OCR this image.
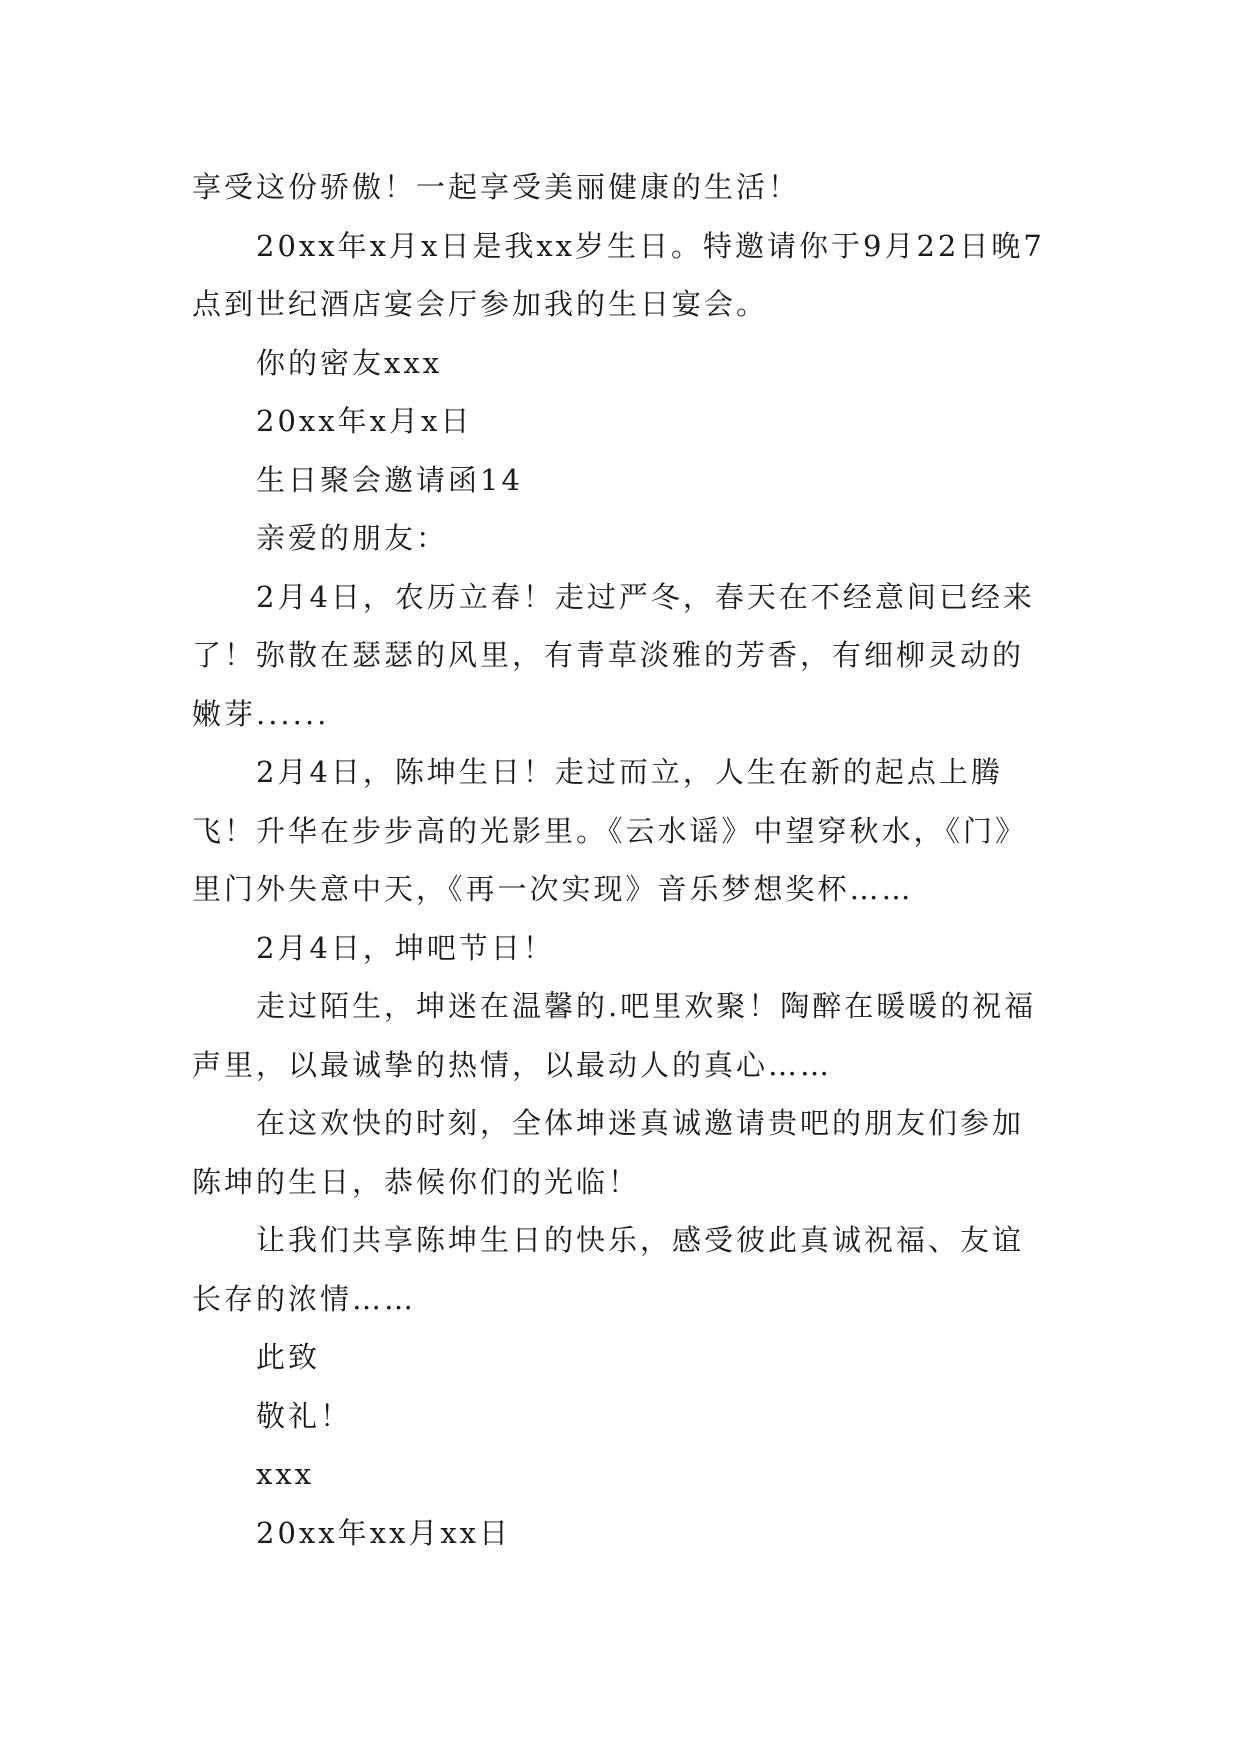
享受这份骄傲！一起享受美丽健康的生活！

20xx年x月x日是我xx岁生日。特邀请你于9月22日晚7点到世纪酒店宴会厅参加我的生日宴会。

你的密友xxx

20xx年x月x日

生日聚会邀请函14

亲爱的朋友：

2月4日，农历立春！走过严冬，春天在不经意间已经来了！弥散在瑟瑟的风里，有青草淡雅的芳香，有细柳灵动的嫩芽......

2月4日，陈坤生日！走过而立，人生在新的起点上腾飞！升华在步步高的光影里。《云水谣》中望穿秋水，《门》里门外失意中天，《再一次实现》音乐梦想奖杯……

2月4日，坤吧节日！

走过陌生，坤迷在温馨的.吧里欢聚！陶醉在暖暖的祝福声里，以最诚挚的热情，以最动人的真心……

在这欢快的时刻，全体坤迷真诚邀请贵吧的朋友们参加陈坤的生日，恭候你们的光临！

让我们共享陈坤生日的快乐，感受彼此真诚祝福、友谊长存的浓情……

此致

敬礼！

xxx

20xx年xx月xx日
